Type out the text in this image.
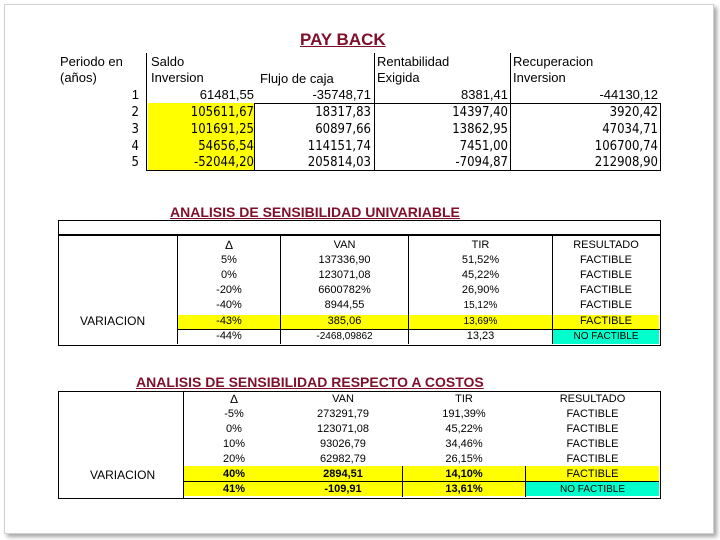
PAY BACK
Periodo en
(años)
Saldo
Inversion	Flujo de caja
Rentabilidad
Exigida
Recuperacion
Inversion
1	61481,55	-35748,71	8381,41	-44130,12
2	105611,67	18317,83	14397,40	3920,42
3	101691,25	60897,66	13862,95	47034,71
4	54656,54	114151,74	7451,00	106700,74
5	-52044,20	205814,03	-7094,87	212908,90
ANALISIS DE SENSIBILIDAD UNIVARIABLE
VARIACION
∆	VAN	TIR	RESULTADO
5%	137336,90	51,52%	FACTIBLE
0%	123071,08	45,22%	FACTIBLE
-20%	6600782%	26,90%	FACTIBLE
-40%	8944,55	15,12%	FACTIBLE
-43%	385,06	13,69%	FACTIBLE
-44%	-2468,09862	13,23	NO FACTIBLE
ANALISIS DE SENSIBILIDAD RESPECTO A COSTOS
VARIACION
∆	VAN	TIR	RESULTADO
-5%	273291,79	191,39%	FACTIBLE
0%	123071,08	45,22%	FACTIBLE
10%	93026,79	34,46%	FACTIBLE
20%	62982,79	26,15%	FACTIBLE
40%	2894,51	14,10%	FACTIBLE
41%	-109,91	13,61%	NO FACTIBLE
